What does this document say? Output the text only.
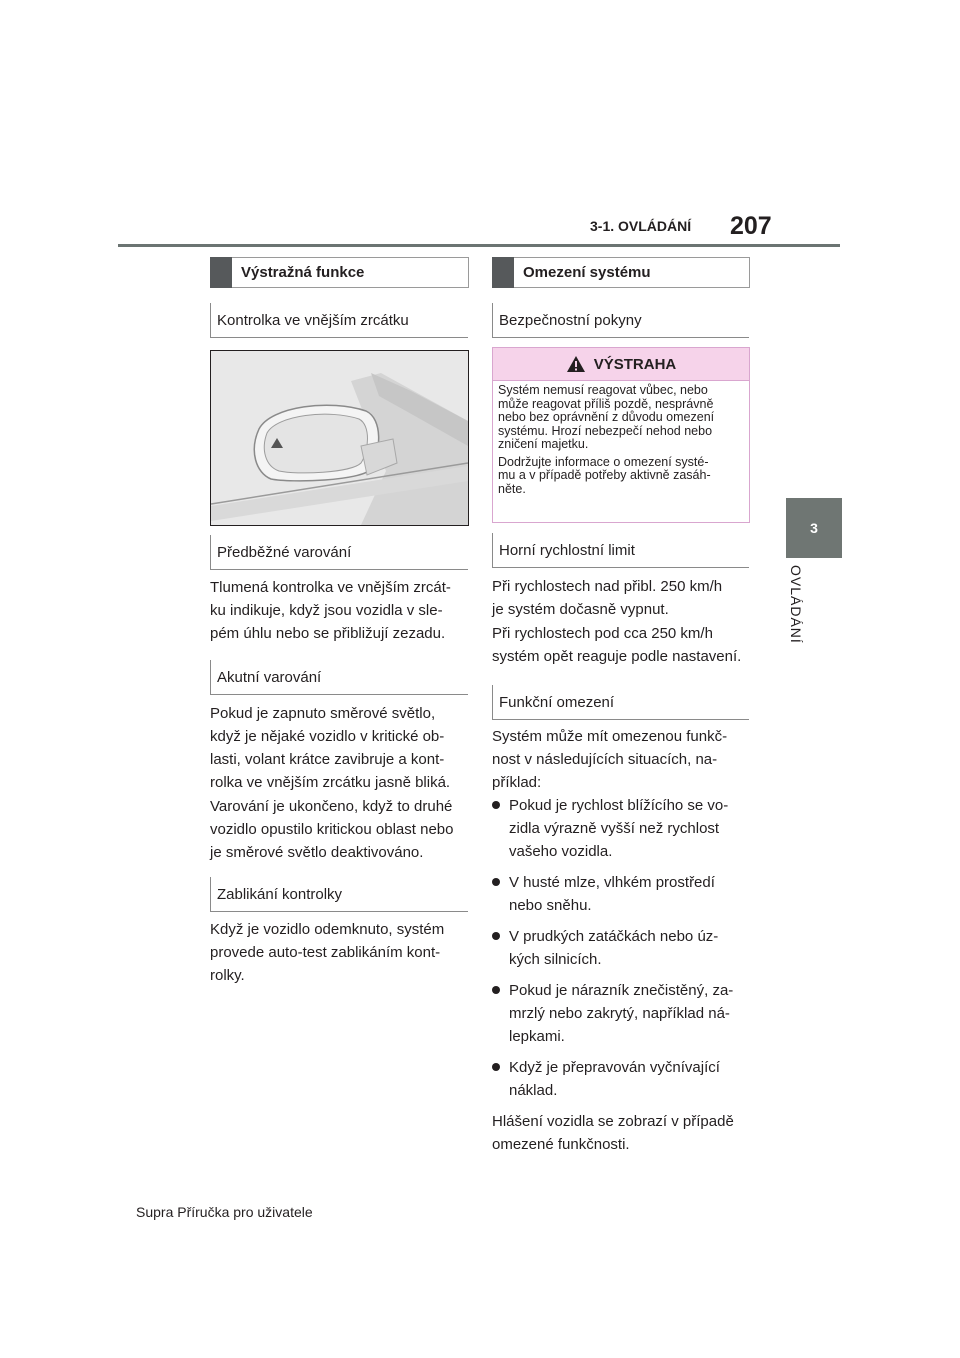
3-1. OVLÁDÁNÍ 207
3
OVLÁDÁNÍ
Výstražná funkce
Kontrolka ve vnějším zrcátku
Předběžné varování
Tlumená kontrolka ve vnějším zrcát-
ku indikuje, když jsou vozidla v sle-
pém úhlu nebo se přibližují zezadu.
Akutní varování
Pokud je zapnuto směrové světlo,
když je nějaké vozidlo v kritické ob-
lasti, volant krátce zavibruje a kont-
rolka ve vnějším zrcátku jasně bliká.
Varování je ukončeno, když to druhé
vozidlo opustilo kritickou oblast nebo
je směrové světlo deaktivováno.
Zablikání kontrolky
Když je vozidlo odemknuto, systém
provede auto-test zablikáním kont-
rolky.
Omezení systému
Bezpečnostní pokyny
VÝSTRAHA

Systém nemusí reagovat vůbec, nebo
může reagovat příliš pozdě, nesprávně
nebo bez oprávnění z důvodu omezení
systému. Hrozí nebezpečí nehod nebo
zničení majetku.

Dodržujte informace o omezení systé-
mu a v případě potřeby aktivně zasáh-
něte.

Horní rychlostní limit
Při rychlostech nad přibl. 250 km/h
je systém dočasně vypnut.
Při rychlostech pod cca 250 km/h
systém opět reaguje podle nastavení.
Funkční omezení
Systém může mít omezenou funkč-
nost v následujících situacích, na-
příklad:
Pokud je rychlost blížícího se vo-
zidla výrazně vyšší než rychlost
vašeho vozidla.
V husté mlze, vlhkém prostředí
nebo sněhu.
V prudkých zatáčkách nebo úz-
kých silnicích.
Pokud je nárazník znečistěný, za-
mrzlý nebo zakrytý, například ná-
lepkami.
Když je přepravován vyčnívající
náklad.
Hlášení vozidla se zobrazí v případě
omezené funkčnosti.
Supra Příručka pro uživatele
